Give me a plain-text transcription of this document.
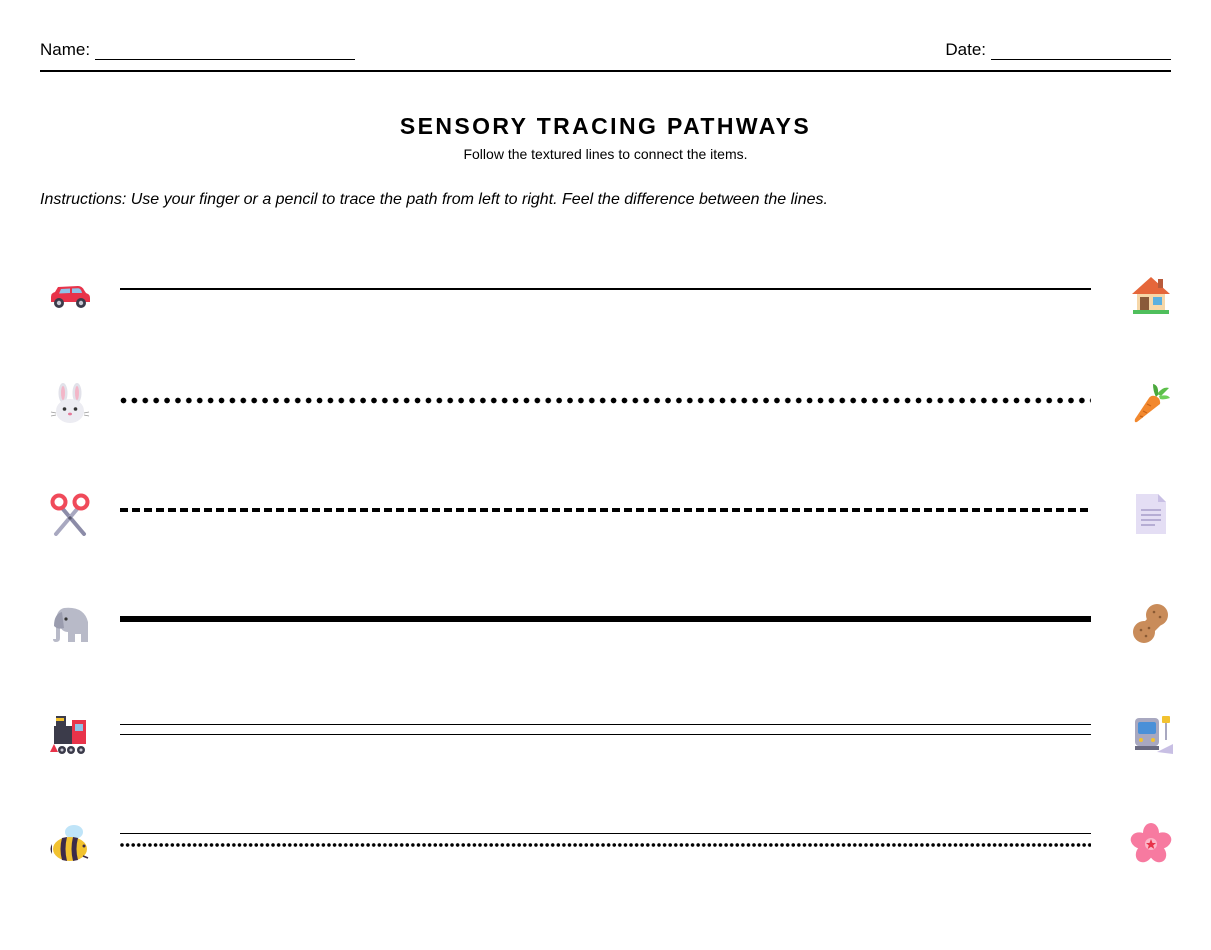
Name:	Date:
SENSORY TRACING PATHWAYS
Follow the textured lines to connect the items.
Instructions: Use your finger or a pencil to trace the path from left to right. Feel the difference between the lines.
